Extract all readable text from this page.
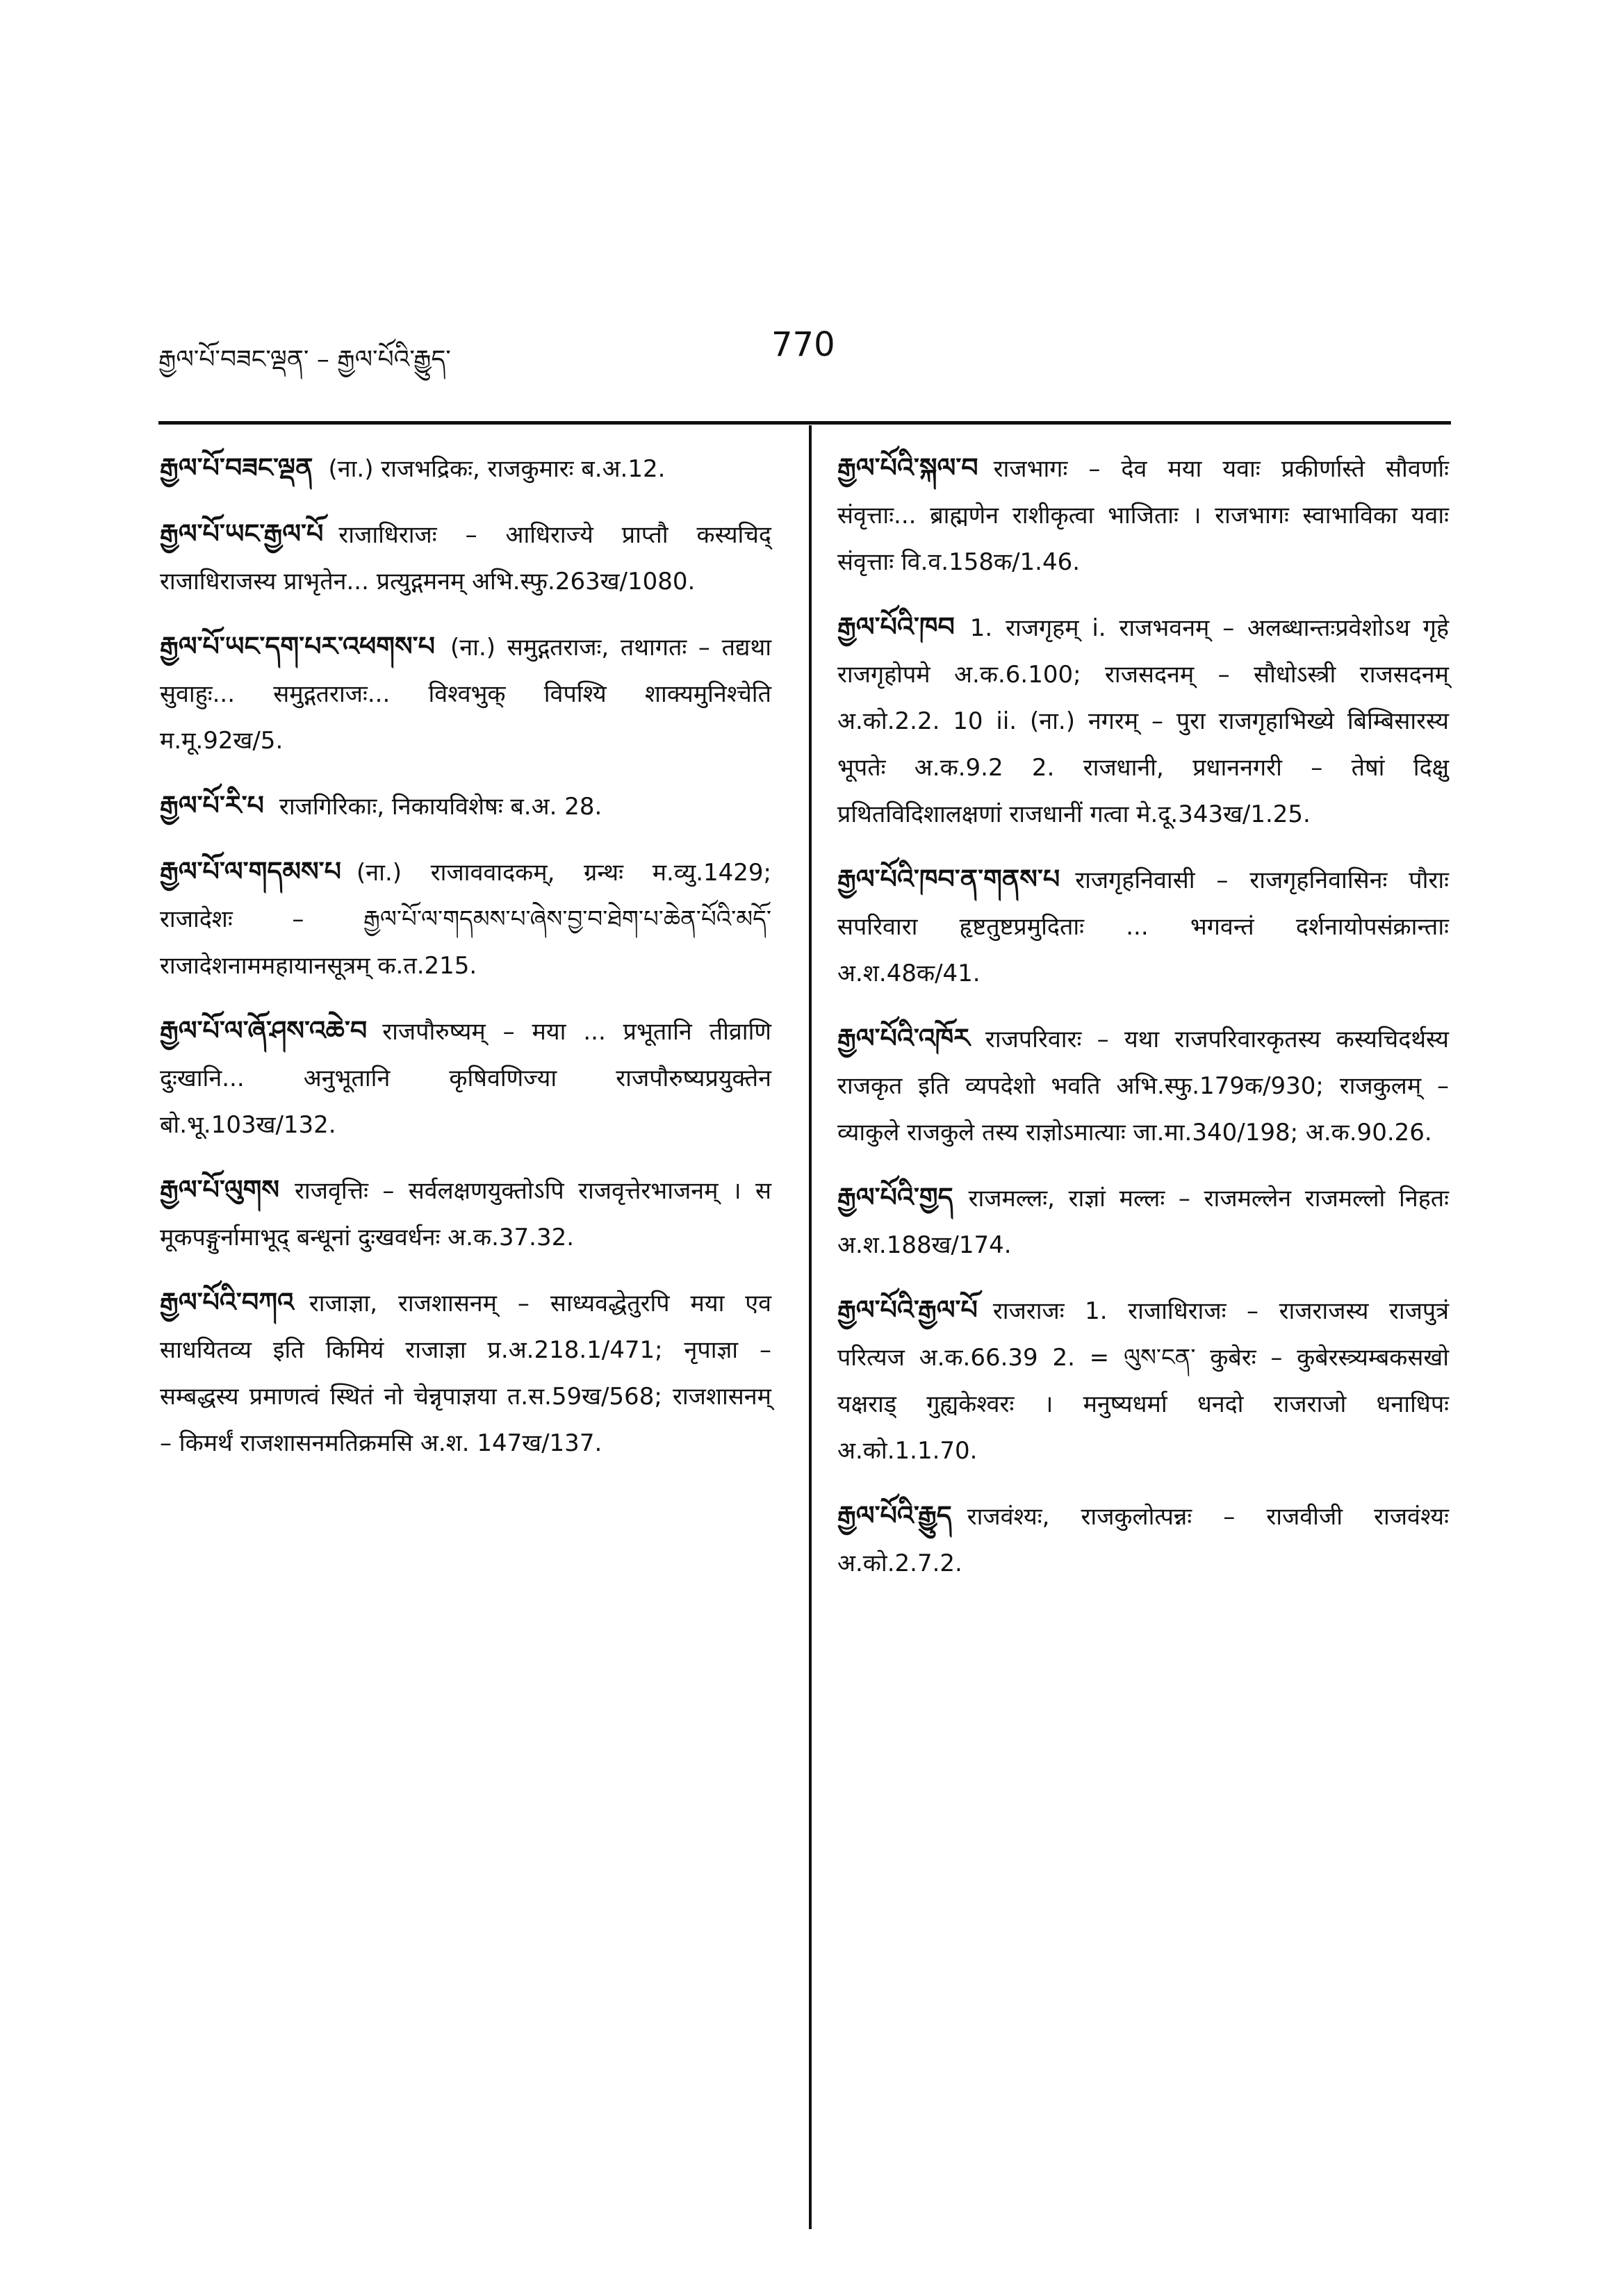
རྒྱལ་པོ་བཟང་ལྡན་ – རྒྱལ་པོའི་རྒྱུད་	770

རྒྱལ་པོ་བཟང་ལྡན (ना.) राजभद्रिकः, राजकुमारः ब.अ.12.

རྒྱལ་པོ་ཡང་རྒྱལ་པོ राजाधिराजः – आधिराज्ये प्राप्तौ कस्यचिद् राजाधिराजस्य प्राभृतेन... प्रत्युद्गमनम् अभि.स्फु.263ख/1080.

རྒྱལ་པོ་ཡང་དག་པར་འཕགས་པ (ना.) समुद्गतराजः, तथागतः – तद्यथा सुवाहुः... समुद्गतराजः... विश्वभुक् विपश्यि शाक्यमुनिश्चेति म.मू.92ख/5.

རྒྱལ་པོ་རི་པ राजगिरिकाः, निकायविशेषः ब.अ. 28.

རྒྱལ་པོ་ལ་གདམས་པ (ना.) राजाववादकम्, ग्रन्थः म.व्यु.1429; राजादेशः – རྒྱལ་པོ་ལ་གདམས་པ་ཞེས་བྱ་བ་ཐེག་པ་ཆེན་པོའི་མདོ་ राजादेशनाममहायानसूत्रम् क.त.215.

རྒྱལ་པོ་ལ་ཞོ་ཤས་འཆེ་བ राजपौरुष्यम् – मया ... प्रभूतानि तीव्राणि दुःखानि... अनुभूतानि कृषिवणिज्या राजपौरुष्यप्रयुक्तेन बो.भू.103ख/132.

རྒྱལ་པོ་ལུགས राजवृत्तिः – सर्वलक्षणयुक्तोऽपि राजवृत्तेरभाजनम् । स मूकपङ्गुर्नामाभूद् बन्धूनां दुःखवर्धनः अ.क.37.32.

རྒྱལ་པོའི་བཀའ राजाज्ञा, राजशासनम् – साध्यवद्धेतुरपि मया एव साधयितव्य इति किमियं राजाज्ञा प्र.अ.218.1/471; नृपाज्ञा – सम्बद्धस्य प्रमाणत्वं स्थितं नो चेन्नृपाज्ञया त.स.59ख/568; राजशासनम् – किमर्थं राजशासनमतिक्रमसि अ.श. 147ख/137.

རྒྱལ་པོའི་སྐལ་བ राजभागः – देव मया यवाः प्रकीर्णास्ते सौवर्णाः संवृत्ताः... ब्राह्मणेन राशीकृत्वा भाजिताः । राजभागः स्वाभाविका यवाः संवृत्ताः वि.व.158क/1.46.

རྒྱལ་པོའི་ཁབ 1. राजगृहम् i. राजभवनम् – अलब्धान्तःप्रवेशोऽथ गृहे राजगृहोपमे अ.क.6.100; राजसदनम् – सौधोऽस्त्री राजसदनम् अ.को.2.2. 10 ii. (ना.) नगरम् – पुरा राजगृहाभिख्ये बिम्बिसारस्य भूपतेः अ.क.9.2 2. राजधानी, प्रधाननगरी – तेषां दिक्षु प्रथितविदिशालक्षणां राजधानीं गत्वा मे.दू.343ख/1.25.

རྒྱལ་པོའི་ཁབ་ན་གནས་པ राजगृहनिवासी – राजगृहनिवासिनः पौराः सपरिवारा हृष्टतुष्टप्रमुदिताः ... भगवन्तं दर्शनायोपसंक्रान्ताः अ.श.48क/41.

རྒྱལ་པོའི་འཁོར राजपरिवारः – यथा राजपरिवारकृतस्य कस्यचिदर्थस्य राजकृत इति व्यपदेशो भवति अभि.स्फु.179क/930; राजकुलम् – व्याकुले राजकुले तस्य राज्ञोऽमात्याः जा.मा.340/198; अ.क.90.26.

རྒྱལ་པོའི་གྱད राजमल्लः, राज्ञां मल्लः – राजमल्लेन राजमल्लो निहतः अ.श.188ख/174.

རྒྱལ་པོའི་རྒྱལ་པོ राजराजः 1. राजाधिराजः – राजराजस्य राजपुत्रं परित्यज अ.क.66.39 2. = ལུས་ངན་ कुबेरः – कुबेरस्त्र्यम्बकसखो यक्षराड् गुह्यकेश्वरः । मनुष्यधर्मा धनदो राजराजो धनाधिपः अ.को.1.1.70.

རྒྱལ་པོའི་རྒྱུད राजवंश्यः, राजकुलोत्पन्नः – राजवीजी राजवंश्यः अ.को.2.7.2.
